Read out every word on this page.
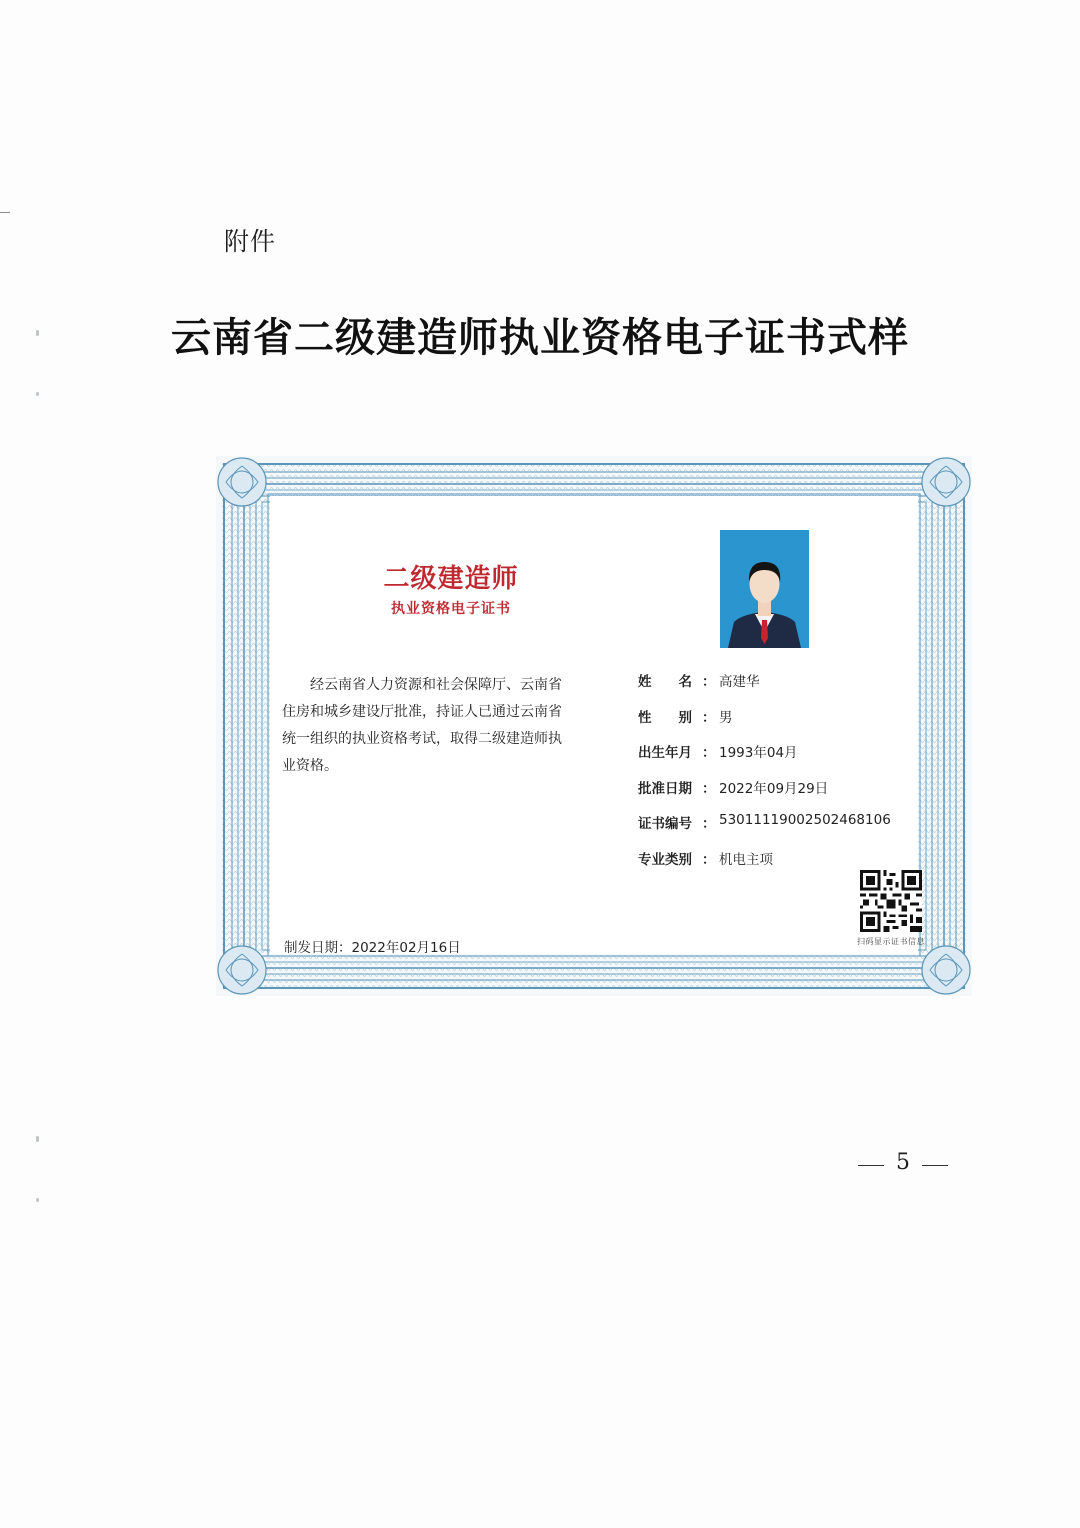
附件
云南省二级建造师执业资格电子证书式样
二级建造师
执业资格电子证书
经云南省人力资源和社会保障厅、云南省住房和城乡建设厅批准，持证人已通过云南省统一组织的执业资格考试，取得二级建造师执业资格。
姓　名 ： 高建华
性　别 ： 男
出生年月 ： 1993年04月
批准日期 ： 2022年09月29日
证书编号 ： 53011119002502468106
专业类别 ： 机电主项
扫码显示证书信息
制发日期：2022年02月16日
5
